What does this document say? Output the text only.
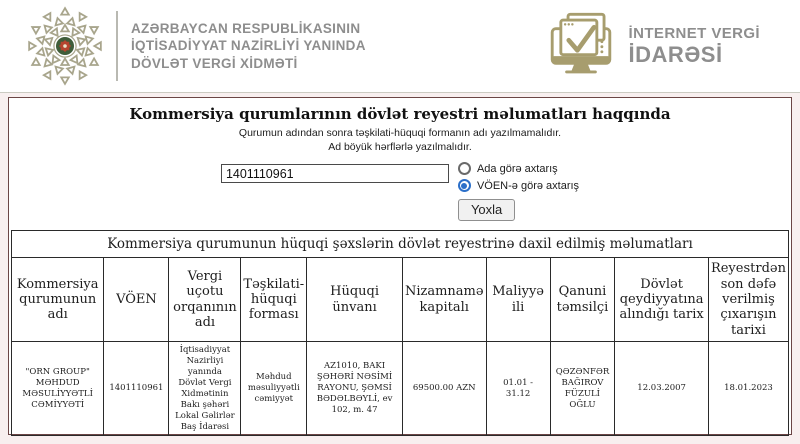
AZƏRBAYCAN RESPUBLİKASININ
İQTİSADİYYAT NAZİRLİYİ YANINDA
DÖVLƏT VERGİ XİDMƏTİ
İNTERNET VERGİ
İDARƏSİ
Kommersiya qurumlarının dövlət reyestri məlumatları haqqında
Qurumun adından sonra təşkilati-hüquqi formanın adı yazılmamalıdır.
Ad böyük hərflərlə yazılmalıdır.
1401110961
Ada görə axtarış
VÖEN-ə görə axtarış
Yoxla
Kommersiya qurumunun hüquqi şəxslərin dövlət reyestrinə daxil edilmiş məlumatları									
Kommersiya qurumunun adı	VÖEN	Vergi uçotu orqanının adı	Təşkilati-hüquqi forması	Hüquqi ünvanı	Nizamnamə kapitalı	Maliyyə ili	Qanuni təmsilçi	Dövlət qeydiyyatına alındığı tarix	Reyestrdən son dəfə verilmiş çıxarışın tarixi
"ORN GROUP" MƏHDUD MƏSULİYYƏTLİ CƏMİYYƏTİ	1401110961	İqtisadiyyat Nazirliyi yanında Dövlət Vergi Xidmətinin Bakı şəhəri Lokal Gəlirlər Baş İdarəsi	Məhdud məsuliyyətli cəmiyyət	AZ1010, BAKI ŞƏHƏRİ NƏSİMİ RAYONU, ŞƏMSİ BƏDƏLBƏYLİ, ev 102, m. 47	69500.00 AZN	01.01 - 31.12	QƏZƏNFƏR BAĞIROV FÜZULİ OĞLU	12.03.2007	18.01.2023
